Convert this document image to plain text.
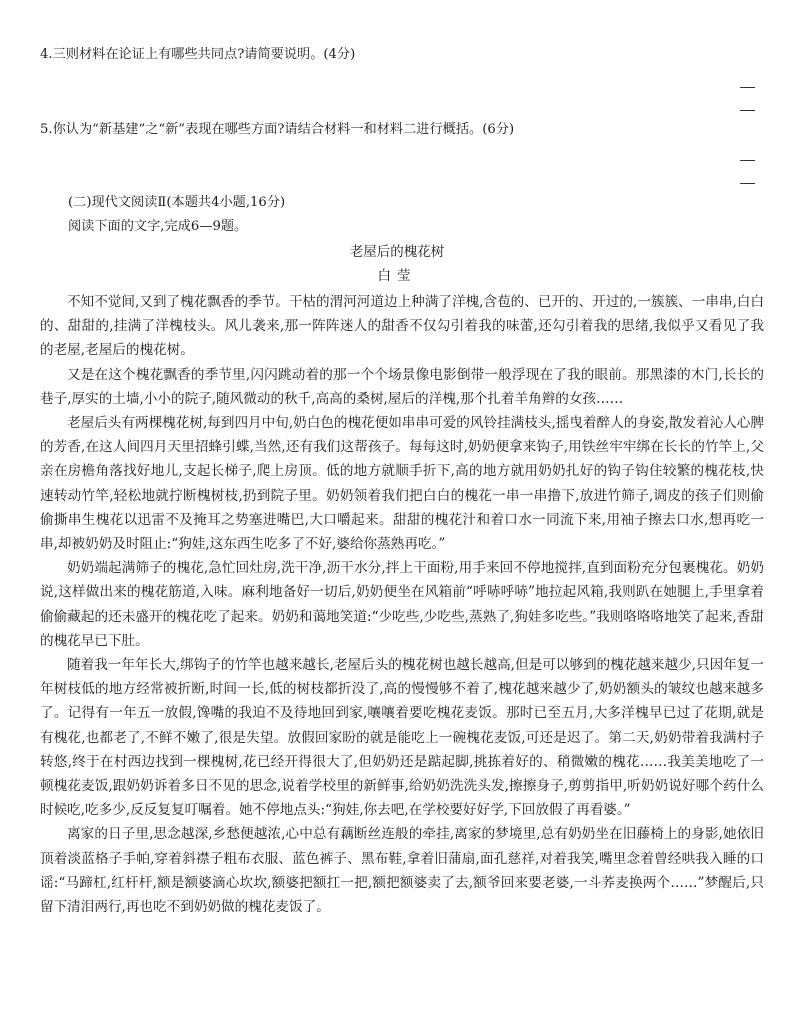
4.三则材料在论证上有哪些共同点?请简要说明。(4分)
5.你认为“新基建”之“新”表现在哪些方面?请结合材料一和材料二进行概括。(6分)
(二)现代文阅读Ⅱ(本题共4小题,16分)
阅读下面的文字,完成6—9题。
老屋后的槐花树
白莹

不知不觉间,又到了槐花飘香的季节。干枯的渭河河道边上种满了洋槐,含苞的、已开的、开过的,一簇簇、一串串,白白的、甜甜的,挂满了洋槐枝头。风儿袭来,那一阵阵迷人的甜香不仅勾引着我的味蕾,还勾引着我的思绪,我似乎又看见了我的老屋,老屋后的槐花树。

又是在这个槐花飘香的季节里,闪闪跳动着的那一个个场景像电影倒带一般浮现在了我的眼前。那黑漆的木门,长长的巷子,厚实的土墙,小小的院子,随风微动的秋千,高高的桑树,屋后的洋槐,那个扎着羊角辫的女孩……

老屋后头有两棵槐花树,每到四月中旬,奶白色的槐花便如串串可爱的风铃挂满枝头,摇曳着醉人的身姿,散发着沁人心脾的芳香,在这人间四月天里招蜂引蝶,当然,还有我们这帮孩子。每每这时,奶奶便拿来钩子,用铁丝牢牢绑在长长的竹竿上,父亲在房檐角落找好地儿,支起长梯子,爬上房顶。低的地方就顺手折下,高的地方就用奶奶扎好的钩子钩住较繁的槐花枝,快速转动竹竿,轻松地就拧断槐树枝,扔到院子里。奶奶领着我们把白白的槐花一串一串撸下,放进竹筛子,调皮的孩子们则偷偷撕串生槐花以迅雷不及掩耳之势塞进嘴巴,大口嚼起来。甜甜的槐花汁和着口水一同流下来,用袖子擦去口水,想再吃一串,却被奶奶及时阻止:“狗娃,这东西生吃多了不好,婆给你蒸熟再吃。”

奶奶端起满筛子的槐花,急忙回灶房,洗干净,沥干水分,拌上干面粉,用手来回不停地搅拌,直到面粉充分包裹槐花。奶奶说,这样做出来的槐花筋道,入味。麻利地备好一切后,奶奶便坐在风箱前“呼哧呼哧”地拉起风箱,我则趴在她腿上,手里拿着偷偷藏起的还未盛开的槐花吃了起来。奶奶和蔼地笑道:“少吃些,少吃些,蒸熟了,狗娃多吃些。”我则咯咯咯地笑了起来,香甜的槐花早已下肚。

随着我一年年长大,绑钩子的竹竿也越来越长,老屋后头的槐花树也越长越高,但是可以够到的槐花越来越少,只因年复一年树枝低的地方经常被折断,时间一长,低的树枝都折没了,高的慢慢够不着了,槐花越来越少了,奶奶额头的皱纹也越来越多了。记得有一年五一放假,馋嘴的我迫不及待地回到家,嚷嚷着要吃槐花麦饭。那时已至五月,大多洋槐早已过了花期,就是有槐花,也都老了,不鲜不嫩了,很是失望。放假回家盼的就是能吃上一碗槐花麦饭,可还是迟了。第二天,奶奶带着我满村子转悠,终于在村西边找到一棵槐树,花已经开得很大了,但奶奶还是踮起脚,挑拣着好的、稍微嫩的槐花……我美美地吃了一顿槐花麦饭,跟奶奶诉着多日不见的思念,说着学校里的新鲜事,给奶奶洗洗头发,擦擦身子,剪剪指甲,听奶奶说好哪个药什么时候吃,吃多少,反反复复叮嘱着。她不停地点头:“狗娃,你去吧,在学校要好好学,下回放假了再看婆。”

离家的日子里,思念越深,乡愁便越浓,心中总有藕断丝连般的牵挂,离家的梦境里,总有奶奶坐在旧藤椅上的身影,她依旧顶着淡蓝格子手帕,穿着斜襟子粗布衣服、蓝色裤子、黑布鞋,拿着旧蒲扇,面孔慈祥,对着我笑,嘴里念着曾经哄我入睡的口谣:“马蹄杠,红杆杆,额是额婆滴心坎坎,额婆把额扛一把,额把额婆卖了去,额爷回来要老婆,一斗荞麦换两个……”梦醒后,只留下清泪两行,再也吃不到奶奶做的槐花麦饭了。
